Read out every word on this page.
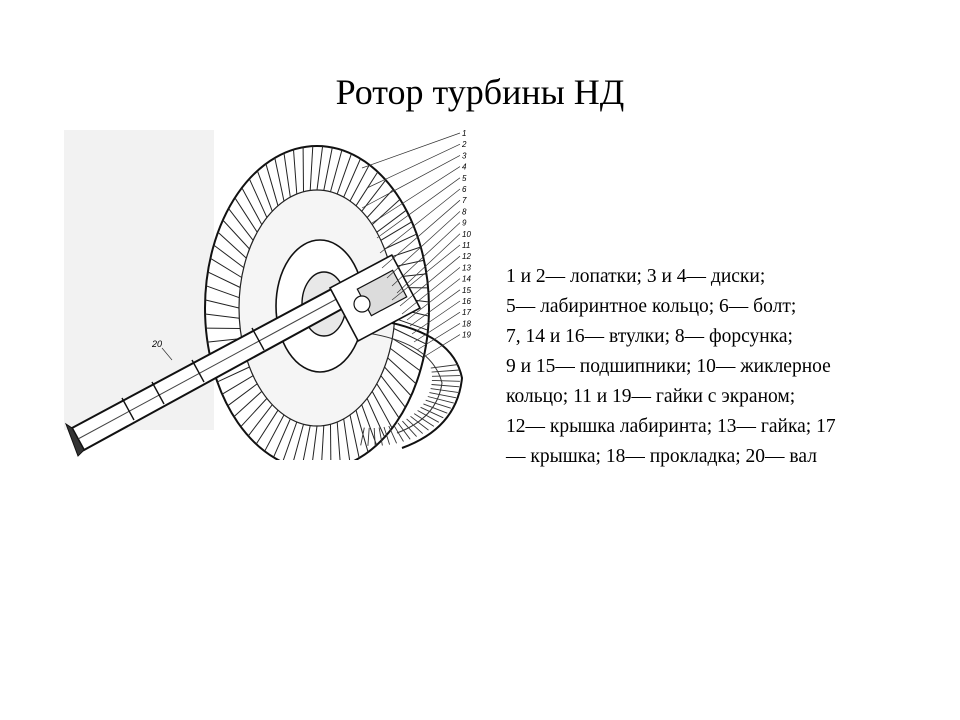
Ротор турбины НД
1
2
3
4
5
6
7
8
9
10
11
12
13
14
15
16
17
18
19
20
1 и 2— лопатки; 3 и 4— диски;
5— лабиринтное кольцо; 6— болт;
7, 14 и 16— втулки; 8— форсунка;
9 и 15— подшипники; 10— жиклерное
кольцо; 11 и 19— гайки с экраном;
12— крышка лабиринта; 13— гайка; 17
— крышка; 18— прокладка; 20— вал
